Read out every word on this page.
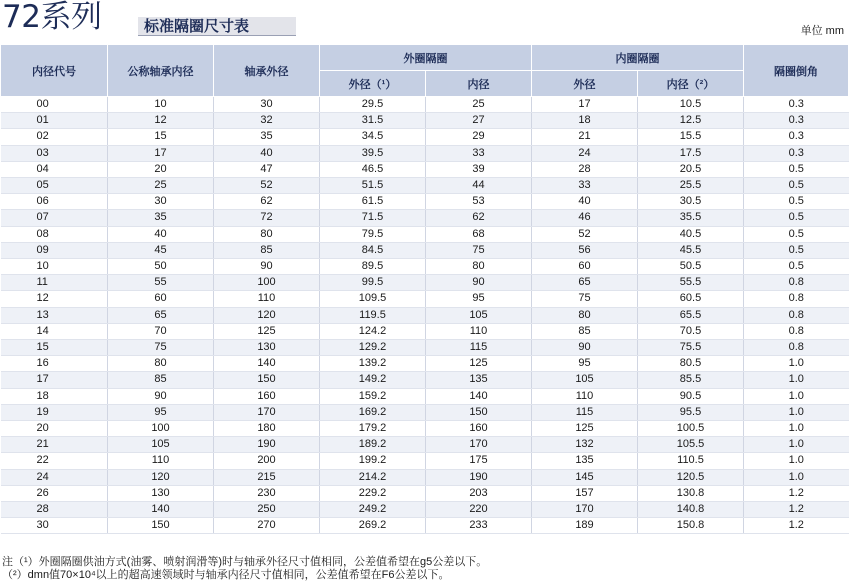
72系列	标准隔圈尺寸表	单位 mm
内径代号	公称轴承内径	轴承外径	外圈隔圈		内圈隔圈		隔圈倒角
			外径（¹）	内径	外径	内径（²）	
00	10	30	29.5	25	17	10.5	0.3
01	12	32	31.5	27	18	12.5	0.3
02	15	35	34.5	29	21	15.5	0.3
03	17	40	39.5	33	24	17.5	0.3
04	20	47	46.5	39	28	20.5	0.5
05	25	52	51.5	44	33	25.5	0.5
06	30	62	61.5	53	40	30.5	0.5
07	35	72	71.5	62	46	35.5	0.5
08	40	80	79.5	68	52	40.5	0.5
09	45	85	84.5	75	56	45.5	0.5
10	50	90	89.5	80	60	50.5	0.5
11	55	100	99.5	90	65	55.5	0.8
12	60	110	109.5	95	75	60.5	0.8
13	65	120	119.5	105	80	65.5	0.8
14	70	125	124.2	110	85	70.5	0.8
15	75	130	129.2	115	90	75.5	0.8
16	80	140	139.2	125	95	80.5	1.0
17	85	150	149.2	135	105	85.5	1.0
18	90	160	159.2	140	110	90.5	1.0
19	95	170	169.2	150	115	95.5	1.0
20	100	180	179.2	160	125	100.5	1.0
21	105	190	189.2	170	132	105.5	1.0
22	110	200	199.2	175	135	110.5	1.0
24	120	215	214.2	190	145	120.5	1.0
26	130	230	229.2	203	157	130.8	1.2
28	140	250	249.2	220	170	140.8	1.2
30	150	270	269.2	233	189	150.8	1.2
注（¹）外圈隔圈供油方式(油雾、喷射润滑等)时与轴承外径尺寸值相同，公差值希望在g5公差以下。
（²）dmn值70×10⁴以上的超高速领域时与轴承内径尺寸值相同，公差值希望在F6公差以下。
